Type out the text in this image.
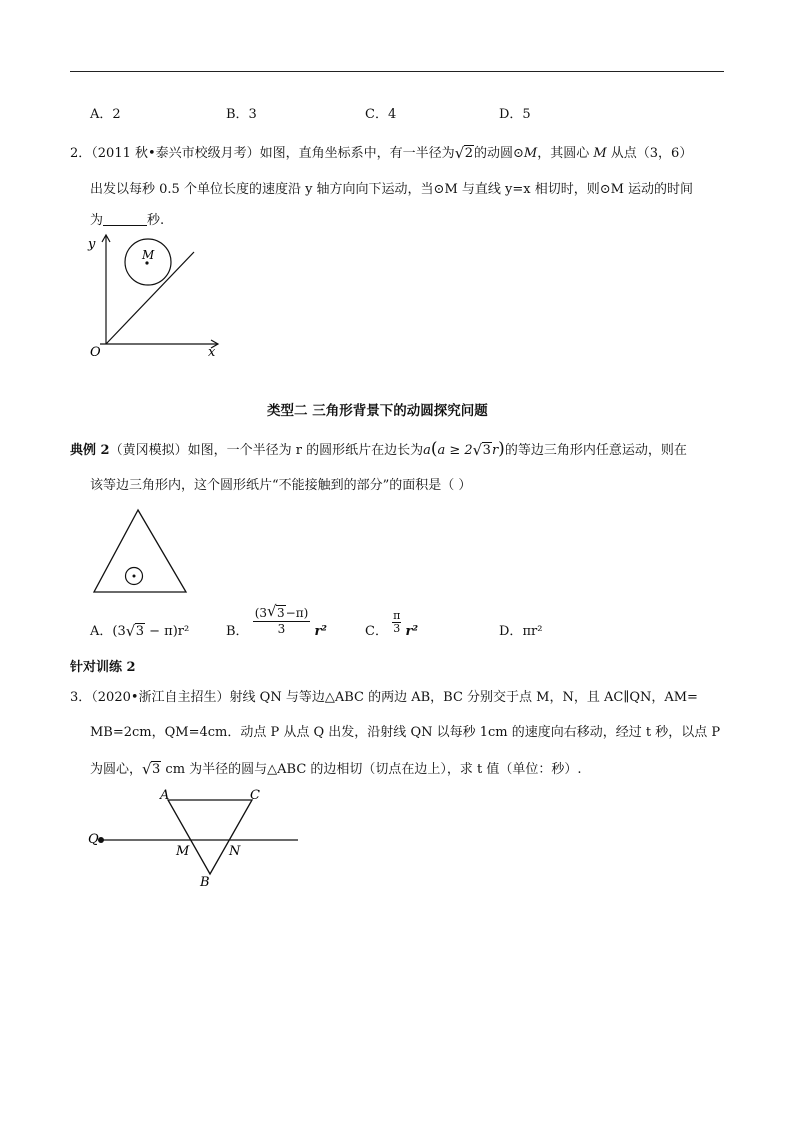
A．2	B．3	C．4	D．5
2．（2011 秋•泰兴市校级月考）如图，直角坐标系中，有一半径为 √ 2的动圆⊙M，其圆心 M 从点（3，6）
出发以每秒 0.5 个单位长度的速度沿 y 轴方向向下运动，当⊙M 与直线 y=x 相切时，则⊙M 运动的时间
为	秒.
y
M
O	x
类型二 三角形背景下的动圆探究问题
典例 2（黄冈模拟）如图，一个半径为 r 的圆形纸片在边长为a(a ≥ 2 √ 3r)的等边三角形内任意运动，则在
该等边三角形内，这个圆形纸片“不能接触到的部分”的面积是（ ）
A．(3 √ 3 − π)r²	B． $\frac{(3 √ 3-\pi)}{3} r^2$	C． $\frac{\pi}{3} r^2$	D．πr²
针对训练 2
3．（2020•浙江自主招生）射线 QN 与等边△ABC 的两边 AB，BC 分别交于点 M，N，且 AC∥QN，AM=
MB=2cm，QM=4cm．动点 P 从点 Q 出发，沿射线 QN 以每秒 1cm 的速度向右移动，经过 t 秒，以点 P
为圆心， √ 3 cm 为半径的圆与△ABC 的边相切（切点在边上），求 t 值（单位：秒）.
A	C
Q
M	N
B
